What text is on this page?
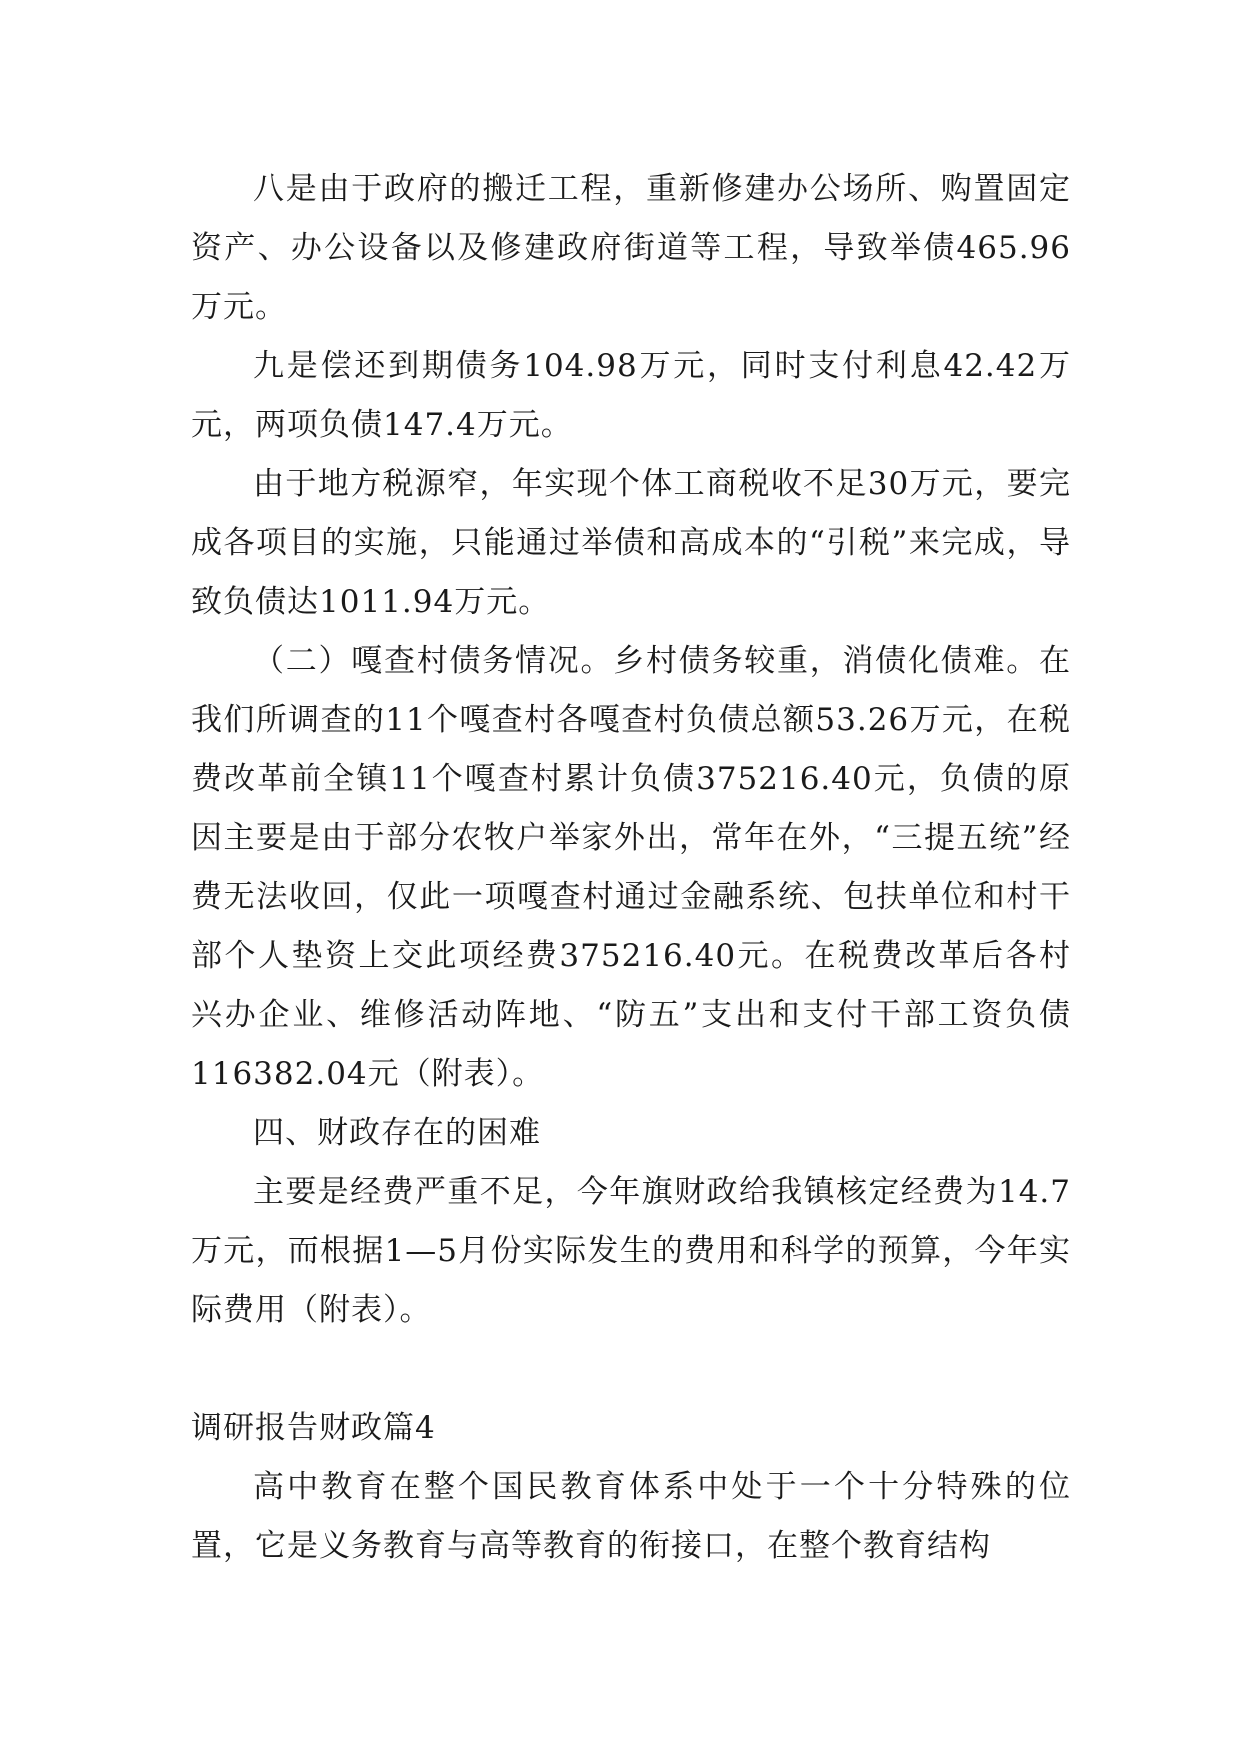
八是由于政府的搬迁工程，重新修建办公场所、购置固定资产、办公设备以及修建政府街道等工程，导致举债465.96万元。

九是偿还到期债务104.98万元，同时支付利息42.42万元，两项负债147.4万元。

由于地方税源窄，年实现个体工商税收不足30万元，要完成各项目的实施，只能通过举债和高成本的“引税”来完成，导致负债达1011.94万元。

（二）嘎查村债务情况。乡村债务较重，消债化债难。在我们所调查的11个嘎查村各嘎查村负债总额53.26万元，在税费改革前全镇11个嘎查村累计负债375216.40元，负债的原因主要是由于部分农牧户举家外出，常年在外，“三提五统”经费无法收回，仅此一项嘎查村通过金融系统、包扶单位和村干部个人垫资上交此项经费375216.40元。在税费改革后各村兴办企业、维修活动阵地、“防五”支出和支付干部工资负债116382.04元（附表）。

四、财政存在的困难

主要是经费严重不足，今年旗财政给我镇核定经费为14.7万元，而根据1—5月份实际发生的费用和科学的预算，今年实际费用（附表）。

调研报告财政篇4

高中教育在整个国民教育体系中处于一个十分特殊的位置，它是义务教育与高等教育的衔接口，在整个教育结构
